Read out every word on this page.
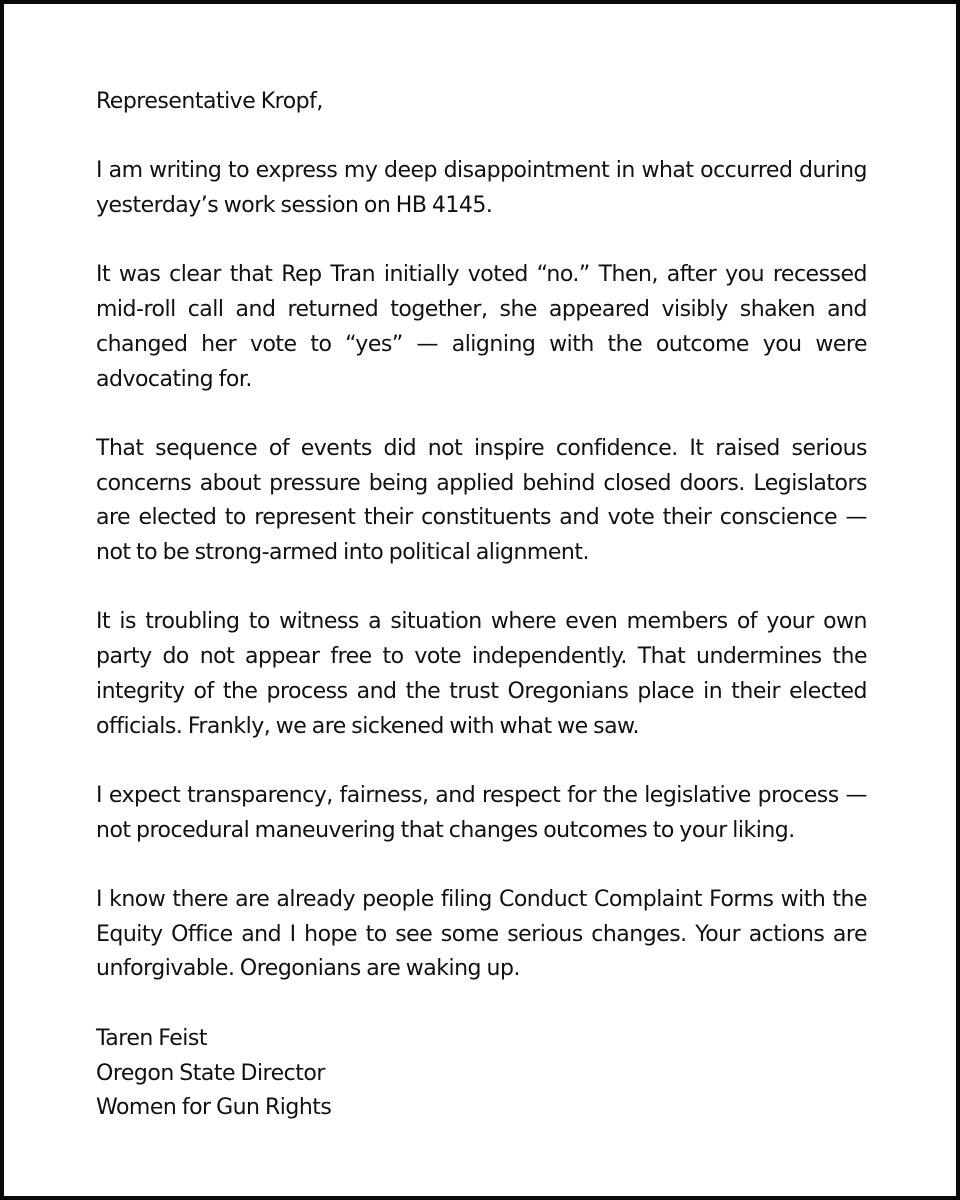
Representative Kropf,

I am writing to express my deep disappointment in what occurred during yesterday’s work session on HB 4145.

It was clear that Rep Tran initially voted “no.” Then, after you recessed mid-roll call and returned together, she appeared visibly shaken and changed her vote to “yes” — aligning with the outcome you were advocating for.

That sequence of events did not inspire confidence. It raised serious concerns about pressure being applied behind closed doors. Legislators are elected to represent their constituents and vote their conscience — not to be strong-armed into political alignment.

It is troubling to witness a situation where even members of your own party do not appear free to vote independently. That undermines the integrity of the process and the trust Oregonians place in their elected officials. Frankly, we are sickened with what we saw.

I expect transparency, fairness, and respect for the legislative process — not procedural maneuvering that changes outcomes to your liking.

I know there are already people filing Conduct Complaint Forms with the Equity Office and I hope to see some serious changes. Your actions are unforgivable. Oregonians are waking up.

Taren Feist
Oregon State Director
Women for Gun Rights
